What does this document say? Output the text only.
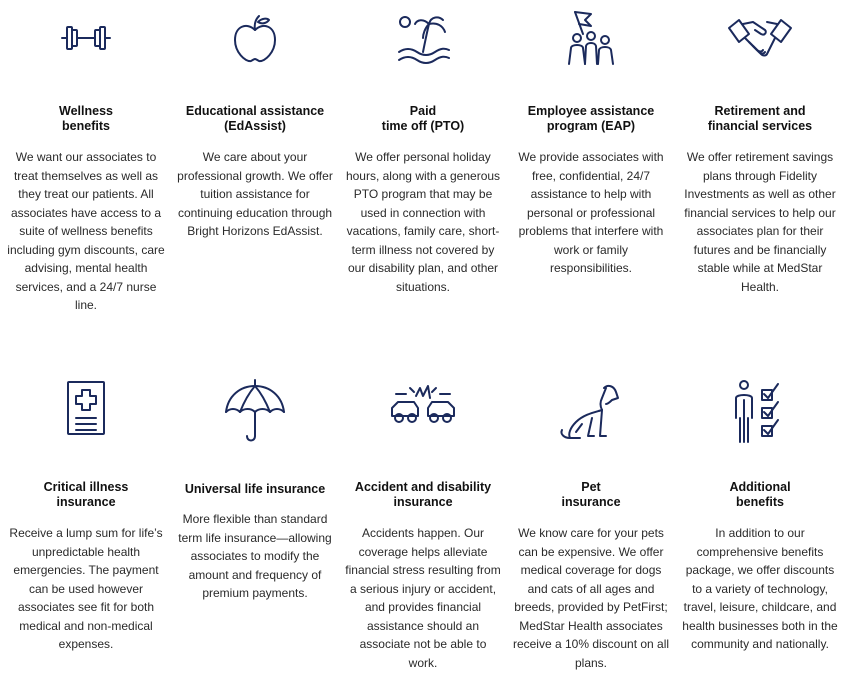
Wellness
benefits
We want our associates to treat themselves as well as they treat our patients. All associates have access to a suite of wellness benefits including gym discounts, care advising, mental health services, and a 24/7 nurse line.
Educational assistance
(EdAssist)
We care about your professional growth. We offer tuition assistance for continuing education through Bright Horizons EdAssist.
Paid
time off (PTO)
We offer personal holiday hours, along with a generous PTO program that may be used in connection with vacations, family care, short-term illness not covered by our disability plan, and other situations.
Employee assistance
program (EAP)
We provide associates with free, confidential, 24/7 assistance to help with personal or professional problems that interfere with work or family responsibilities.
Retirement and
financial services
We offer retirement savings plans through Fidelity Investments as well as other financial services to help our associates plan for their futures and be financially stable while at MedStar Health.
Critical illness
insurance
Receive a lump sum for life’s unpredictable health emergencies. The payment can be used however associates see fit for both medical and non-medical expenses.
Universal life insurance
More flexible than standard term life insurance—allowing associates to modify the amount and frequency of premium payments.
Accident and disability
insurance
Accidents happen. Our coverage helps alleviate financial stress resulting from a serious injury or accident, and provides financial assistance should an associate not be able to work.
Pet
insurance
We know care for your pets can be expensive. We offer medical coverage for dogs and cats of all ages and breeds, provided by PetFirst; MedStar Health associates receive a 10% discount on all plans.
Additional
benefits
In addition to our comprehensive benefits package, we offer discounts to a variety of technology, travel, leisure, childcare, and health businesses both in the community and nationally.
